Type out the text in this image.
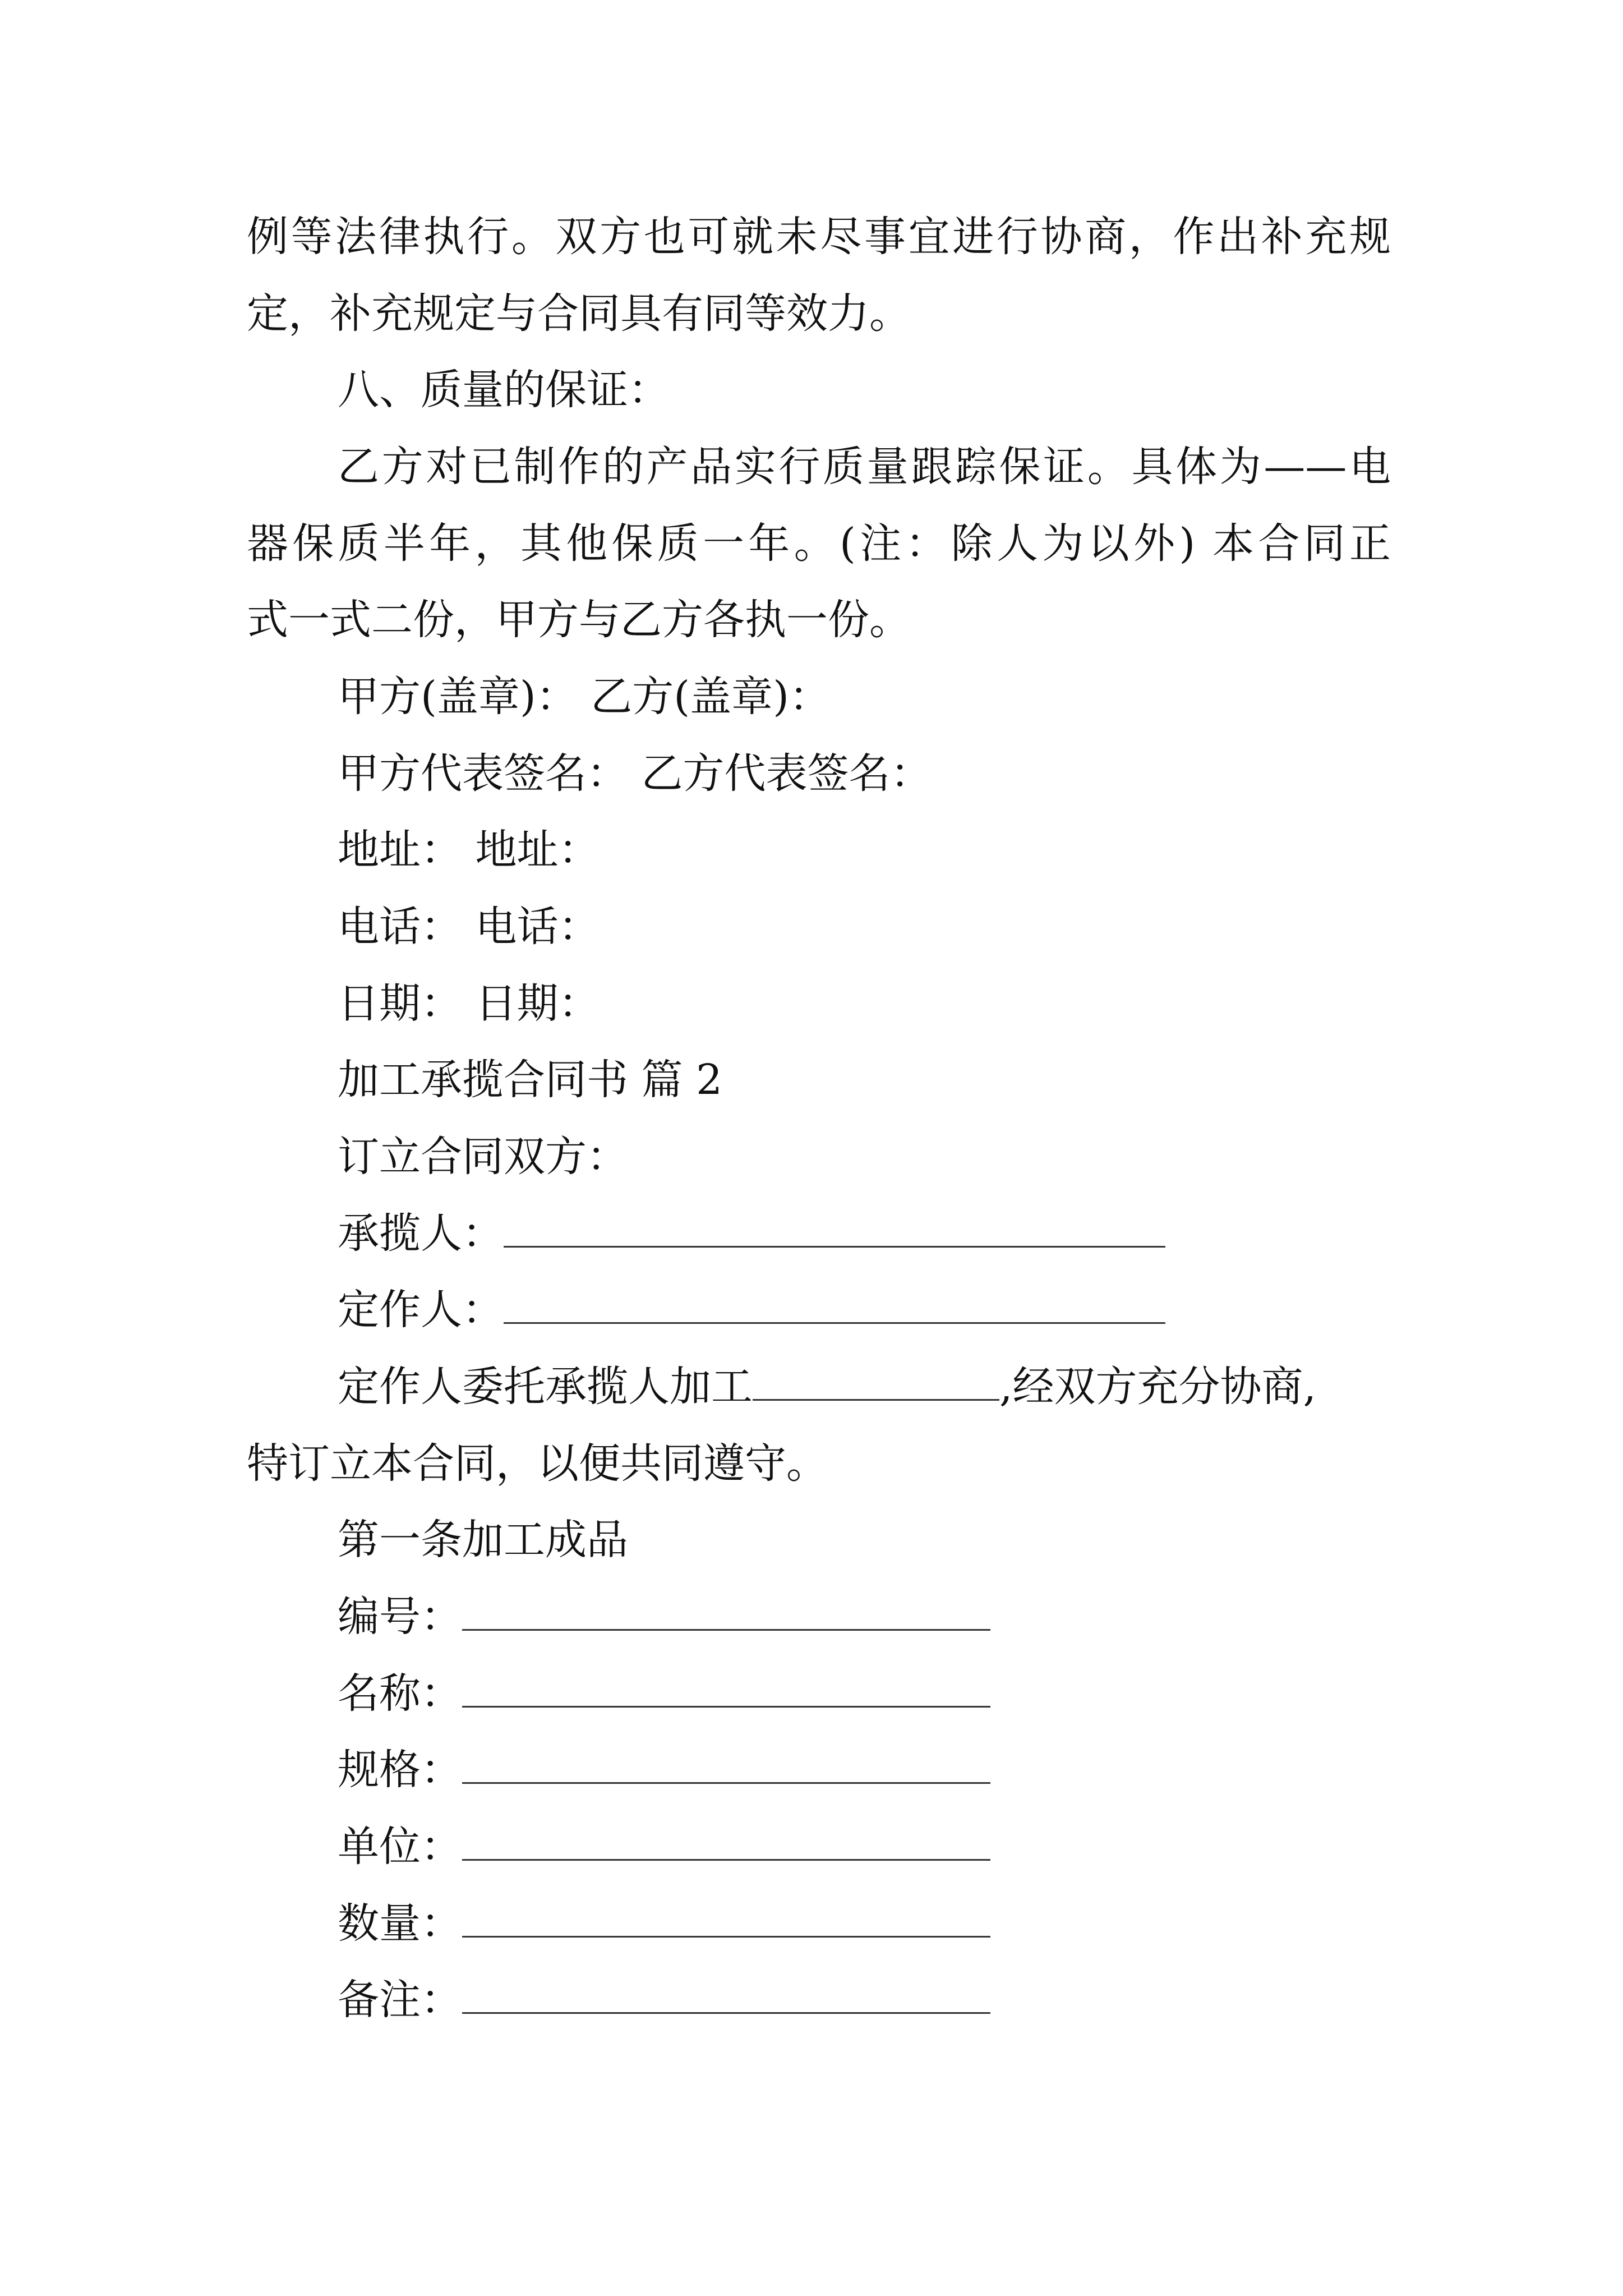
例等法律执行。双方也可就未尽事宜进行协商，作出补充规
定，补充规定与合同具有同等效力。
八、质量的保证：
乙方对已制作的产品实行质量跟踪保证。具体为——电
器保质半年，其他保质一年。(注：除人为以外) 本合同正
式一式二份，甲方与乙方各执一份。
甲方(盖章)： 乙方(盖章)：
甲方代表签名： 乙方代表签名：
地址： 地址：
电话： 电话：
日期： 日期：
加工承揽合同书 篇 2
订立合同双方：
承揽人：
定作人：
定作人委托承揽人加工	,经双方充分协商,
特订立本合同，以便共同遵守。
第一条加工成品
编号：
名称：
规格：
单位：
数量：
备注：
